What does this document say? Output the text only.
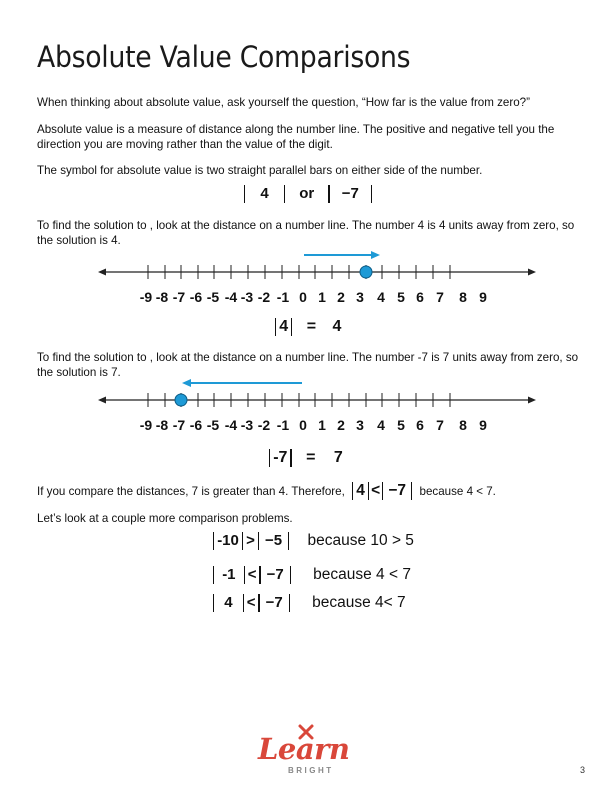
Absolute Value Comparisons
When thinking about absolute value, ask yourself the question, “How far is the value from zero?”
Absolute value is a measure of distance along the number line. The positive and negative tell you the direction you are moving rather than the value of the digit.
The symbol for absolute value is two straight parallel bars on either side of the number.
4 or −7
To find the solution to , look at the distance on a number line. The number 4 is 4 units away from zero, so the solution is 4.
-9 -8 -7 -6 -5 -4 -3 -2 -1 0 1 2 3 4 5 6 7 8 9
4 = 4
To find the solution to , look at the distance on a number line. The number -7 is 7 units away from zero, so the solution is 7.
-9 -8 -7 -6 -5 -4 -3 -2 -1 0 1 2 3 4 5 6 7 8 9
-7 = 7
If you compare the distances, 7 is greater than 4. Therefore, 4 < −7 because 4 < 7.
Let’s look at a couple more comparison problems.
-10 > −5 because 10 > 5
-1 < −7 because 4 < 7
4 < −7 because 4< 7
Learn
BRIGHT	3
